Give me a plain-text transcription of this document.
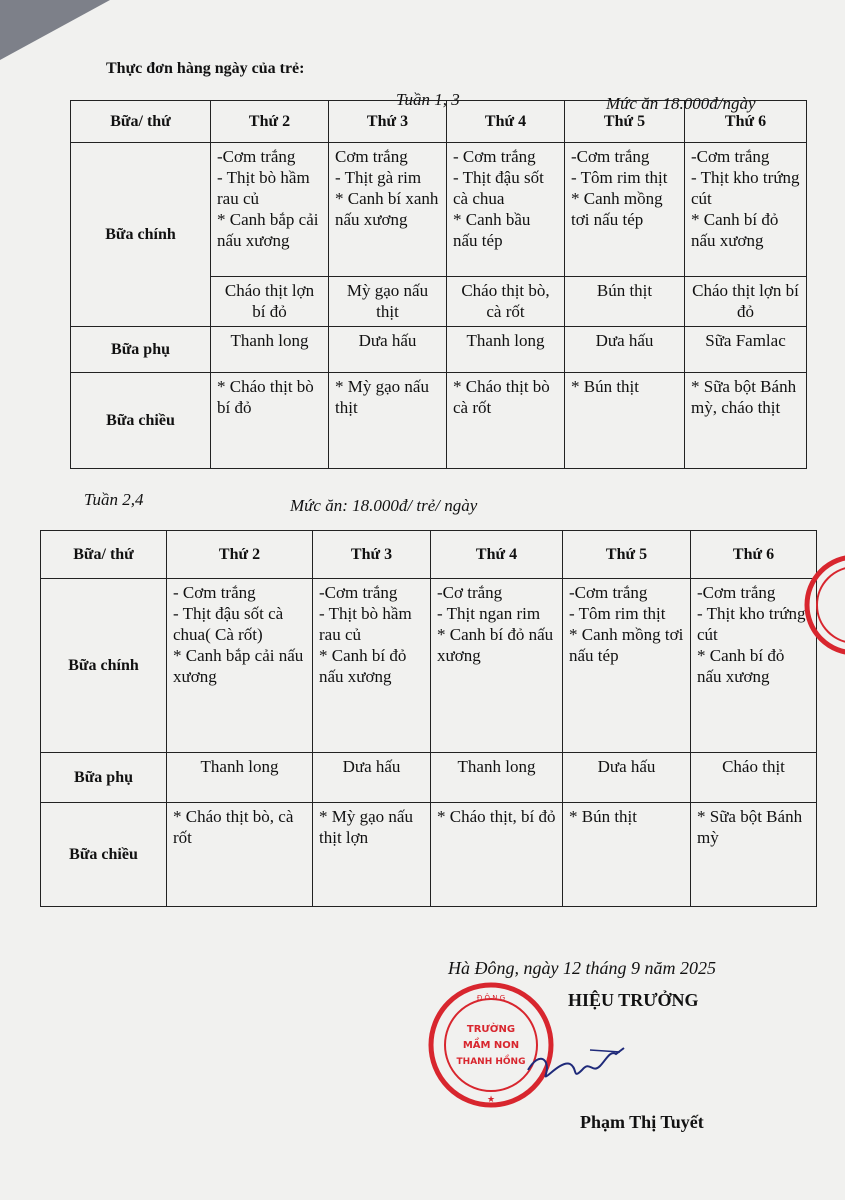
Thực đơn hàng ngày của trẻ:
Tuần 1, 3	Mức ăn 18.000đ/ngày
Bữa/ thứ	Thứ 2	Thứ 3	Thứ 4	Thứ 5	Thứ 6
Bữa chính	-Cơm trắng
- Thịt bò hầm rau củ
* Canh bắp cải nấu xương	Cơm trắng
- Thịt gà rim
* Canh bí xanh nấu xương	- Cơm trắng
- Thịt đậu sốt cà chua
* Canh bầu nấu tép	-Cơm trắng
- Tôm rim thịt
* Canh mồng tơi nấu tép	-Cơm trắng
- Thịt kho trứng cút
* Canh bí đỏ nấu xương
	Cháo thịt lợn bí đỏ	Mỳ gạo nấu thịt	Cháo thịt bò, cà rốt	Bún thịt	Cháo thịt lợn bí đỏ
Bữa phụ	Thanh long	Dưa hấu	Thanh long	Dưa hấu	Sữa Famlac
Bữa chiều	* Cháo thịt bò bí đỏ	* Mỳ gạo nấu thịt	* Cháo thịt bò cà rốt	* Bún thịt	* Sữa bột Bánh mỳ, cháo thịt
Tuần 2,4	Mức ăn: 18.000đ/ trẻ/ ngày
Bữa/ thứ	Thứ 2	Thứ 3	Thứ 4	Thứ 5	Thứ 6
Bữa chính	- Cơm trắng
- Thịt đậu sốt cà chua( Cà rốt)
* Canh bắp cải nấu xương	-Cơm trắng
- Thịt bò hầm rau củ
* Canh bí đỏ nấu xương	-Cơ trắng
- Thịt ngan rim
* Canh bí đỏ nấu xương	-Cơm trắng
- Tôm rim thịt
* Canh mồng tơi nấu tép	-Cơm trắng
- Thịt kho trứng cút
* Canh bí đỏ nấu xương
Bữa phụ	Thanh long	Dưa hấu	Thanh long	Dưa hấu	Cháo thịt
Bữa chiều	* Cháo thịt bò, cà rốt	* Mỳ gạo nấu thịt lợn	* Cháo thịt, bí đỏ	* Bún thịt	* Sữa bột Bánh mỳ
Hà Đông, ngày 12 tháng 9 năm 2025
HIỆU TRƯỞNG
Đ Ô N G
★
TRƯỜNG
MẦM NON
THANH HỒNG
Phạm Thị Tuyết
